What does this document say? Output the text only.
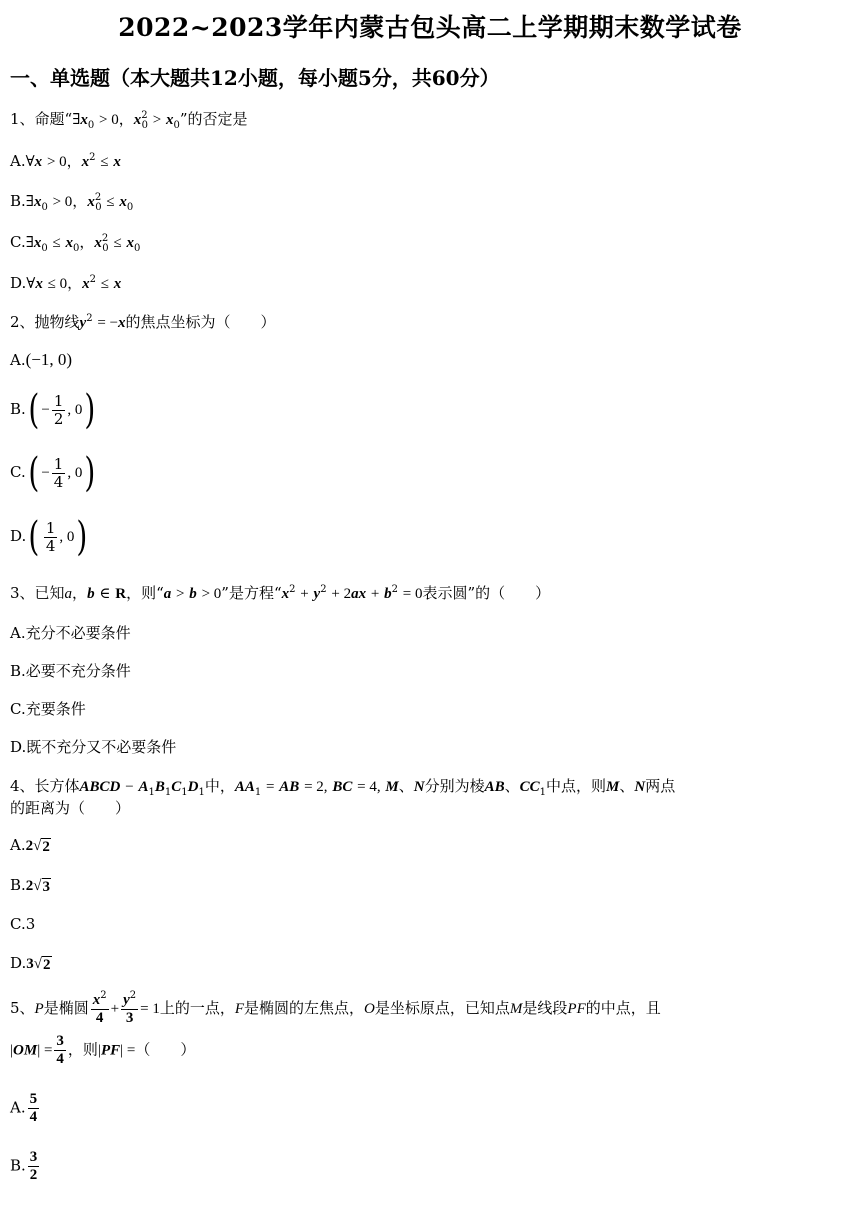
2022~2023学年内蒙古包头高二上学期期末数学试卷
一、单选题（本大题共12小题，每小题5分，共60分）
1、命题“$\exists x_0 > 0$，$x^2_0 > x_0$”的否定是
A.∀x > 0，$x^2 \le x$
$B.\exists x_0 > 0$，$x^2_0 \le x_0$
$C.\exists x_0 \le x_0$，$x^2_0 \le x_0$
D.∀x ≤ 0，$x^2 \le x$
2、抛物线$y^2 = -x$的焦点坐标为（　　）
A.(−1, 0)
$B.( - \frac{1}{2}$ , 0)
$C.( - \frac{1}{4}$ , 0)
$D.( \frac{1}{4}$ , 0)
3、已知a，b ∈ R，则“a > b > 0”是方程“$x^2 + y^2 + 2ax + b^2 = 0$表示圆”的（　　）
A.充分不必要条件
B.必要不充分条件
C.充要条件
D.既不充分又不必要条件
4、长方体ABCD − $A_1B_1C_1D_1$中，$AA_1$ = AB = 2, BC = 4, M、N分别为棱AB、$CC_1$中点，则M、N两点
的距离为（　　）
A.2 √ 2
B.2 √ 3
C.3
D.3 √ 2
5、P是椭圆 $\frac{x^2}{4} + \frac{y^2}{3} = 1$上的一点，F是椭圆的左焦点，O是坐标原点，已知点M是线段PF的中点，且
$|OM| = \frac{3}{4}$ ，则|PF| =（　　）
A. $\frac{5}{4}$
B. $\frac{3}{2}$
